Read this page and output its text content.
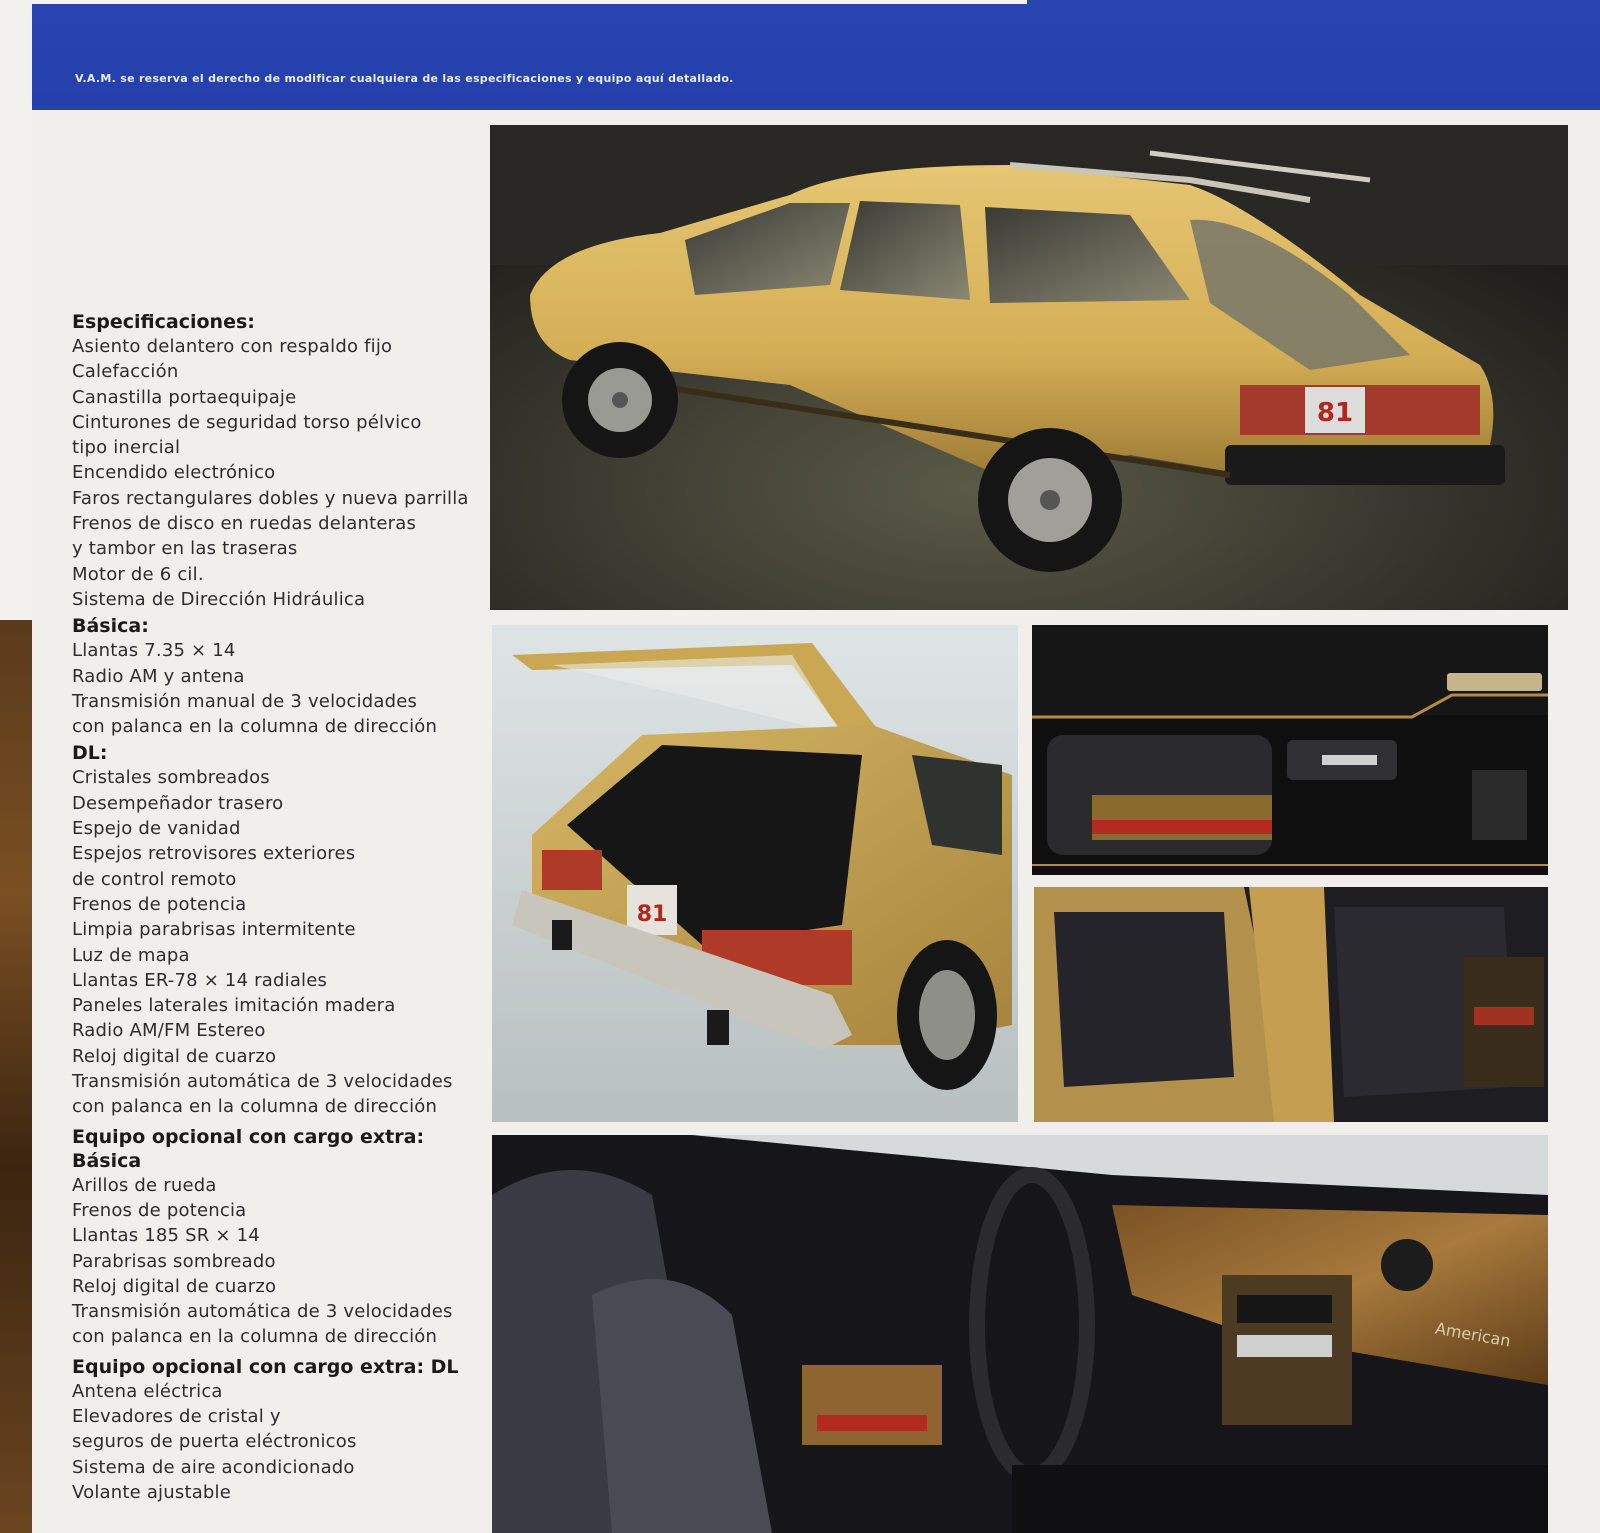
V.A.M. se reserva el derecho de modificar cualquiera de las especificaciones y equipo aquí detallado.
Especificaciones:
Asiento delantero con respaldo fijo
Calefacción
Canastilla portaequipaje
Cinturones de seguridad torso pélvico
tipo inercial
Encendido electrónico
Faros rectangulares dobles y nueva parrilla
Frenos de disco en ruedas delanteras
y tambor en las traseras
Motor de 6 cil.
Sistema de Dirección Hidráulica
Básica:
Llantas 7.35 × 14
Radio AM y antena
Transmisión manual de 3 velocidades
con palanca en la columna de dirección
DL:
Cristales sombreados
Desempeñador trasero
Espejo de vanidad
Espejos retrovisores exteriores
de control remoto
Frenos de potencia
Limpia parabrisas intermitente
Luz de mapa
Llantas ER-78 × 14 radiales
Paneles laterales imitación madera
Radio AM/FM Estereo
Reloj digital de cuarzo
Transmisión automática de 3 velocidades
con palanca en la columna de dirección
Equipo opcional con cargo extra: Básica
Arillos de rueda
Frenos de potencia
Llantas 185 SR × 14
Parabrisas sombreado
Reloj digital de cuarzo
Transmisión automática de 3 velocidades
con palanca en la columna de dirección
Equipo opcional con cargo extra: DL
Antena eléctrica
Elevadores de cristal y
seguros de puerta eléctronicos
Sistema de aire acondicionado
Volante ajustable
81
81
American
